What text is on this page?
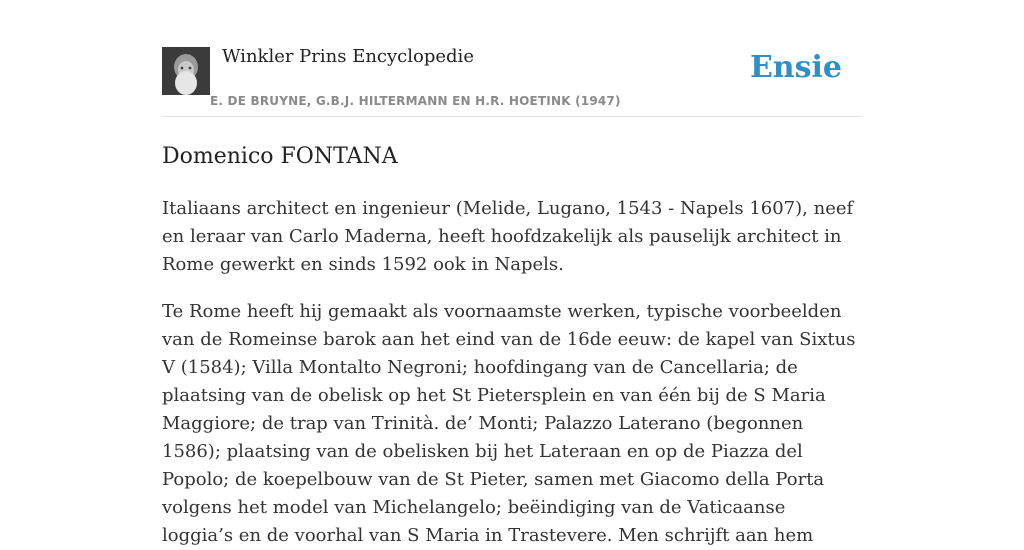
Winkler Prins Encyclopedie
E. DE BRUYNE, G.B.J. HILTERMANN EN H.R. HOETINK (1947)
Ensie
Domenico FONTANA

Italiaans architect en ingenieur (Melide, Lugano, 1543 - Napels 1607), neef en leraar van Carlo Maderna, heeft hoofdzakelijk als pauselijk architect in Rome gewerkt en sinds 1592 ook in Napels.

Te Rome heeft hij gemaakt als voornaamste werken, typische voorbeelden van de Romeinse barok aan het eind van de 16de eeuw: de kapel van Sixtus V (1584); Villa Montalto Negroni; hoofdingang van de Cancellaria; de plaatsing van de obelisk op het St Pietersplein en van één bij de S Maria Maggiore; de trap van Trinità. de’ Monti; Palazzo Laterano (begonnen 1586); plaatsing van de obelisken bij het Lateraan en op de Piazza del Popolo; de koepelbouw van de St Pieter, samen met Giacomo della Porta volgens het model van Michelangelo; beëindiging van de Vaticaanse loggia’s en de voorhal van S Maria in Trastevere. Men schrijft aan hem
